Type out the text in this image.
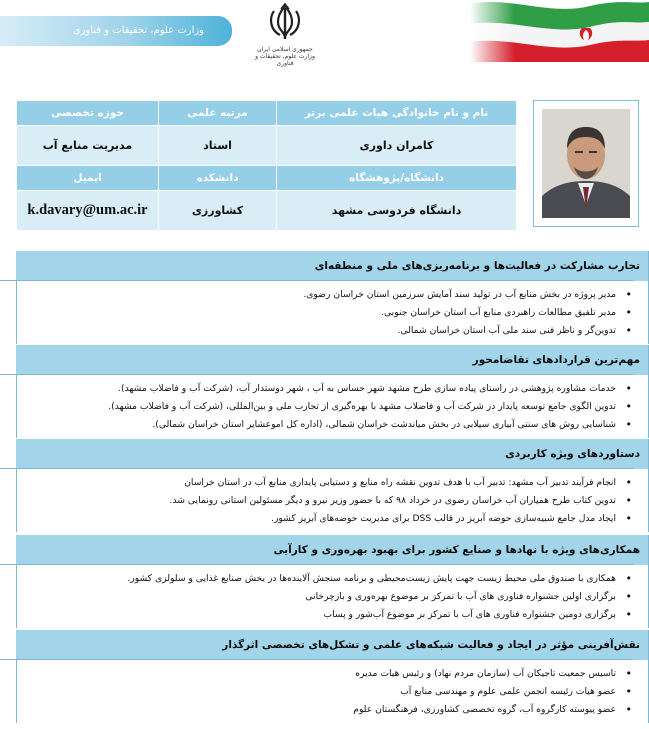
وزارت علوم، تحقیقات و فناوری
جمهوری اسلامی ایران
وزارت علوم، تحقیقات و فناوری
نام و نام خانوادگی هیات علمی برتر	مرتبه علمی	حوزه تخصصی
کامران داوری	استاد	مدیریت منابع آب
دانشگاه/پژوهشگاه	دانشکده	ایمیل
دانشگاه فردوسی مشهد	کشاورزی	k.davary@um.ac.ir
تجارب مشارکت در فعالیت‌ها و برنامه‌ریزی‌های ملی و منطقه‌ای
• مدیر پروژه در بخش منابع آب در تولید سند آمایش سرزمین استان خراسان رضوی.
• مدیر تلفیق مطالعات راهبردی منابع آب استان خراسان جنوبی.
• تدوین‌گر و ناظر فنی سند ملی آب استان خراسان شمالی.
مهم‌ترین قراردادهای تقاضامحور
• خدمات مشاوره پژوهشی در راستای پیاده سازی طرح مشهد شهر حساس به آب ، شهر دوستدار آب، (شرکت آب و فاضلاب مشهد).
• تدوین الگوی جامع توسعه پایدار در شرکت آب و فاضلاب مشهد با بهره‌گیری از تجارب ملی و بین‌المللی، (شرکت آب و فاضلاب مشهد).
• شناسایی روش های سنتی آبیاری سیلابی در بخش میاندشت خراسان شمالی، (اداره کل اموعشایر استان خراسان شمالی).
دستاوردهای ویژه کاربردی
• انجام فرآیند تدبیر آب مشهد: تدبیر آب با هدف تدوین نقشه راه منابع و دستیابی پایداری منابع آب در استان خراسان
• تدوین کتاب طرح همیاران آب خراسان رضوی در خرداد ۹۸ که با حضور وزیر نیرو و دیگر مسئولین استانی رونمایی شد.
• ایجاد مدل جامع شبیه‌سازی حوضه آبریز در قالب DSS برای مدیریت حوضه‌های آبریز کشور.
همکاری‌های ویژه با نهادها و صنایع کشور برای بهبود بهره‌وری و کارآیی
• همکاری با صندوق ملی محیط زیست جهت پایش زیست‌محیطی و برنامه سنجش آلاینده‌ها در بخش صنایع غذایی و سلولزی کشور.
• برگزاری اولین جشنواره فناوری های آب با تمرکز بر موضوع بهره‌وری و بازچرخانی
• برگزاری دومین جشنواره فناوری های آب با تمرکز بر موضوع آب‌شور و پساب
نقش‌آفرینی مؤثر در ایجاد و فعالیت شبکه‌های علمی و تشکل‌های تخصصی اثرگذار
• تاسیس جمعیت تاجیکان آب (سازمان مردم نهاد) و رئیس هیات مدیره
• عضو هیات رئیسه انجمن علمی علوم و مهندسی منابع آب
• عضو پیوسته کارگروه آب، گروه تخصصی کشاورزی، فرهنگستان علوم
